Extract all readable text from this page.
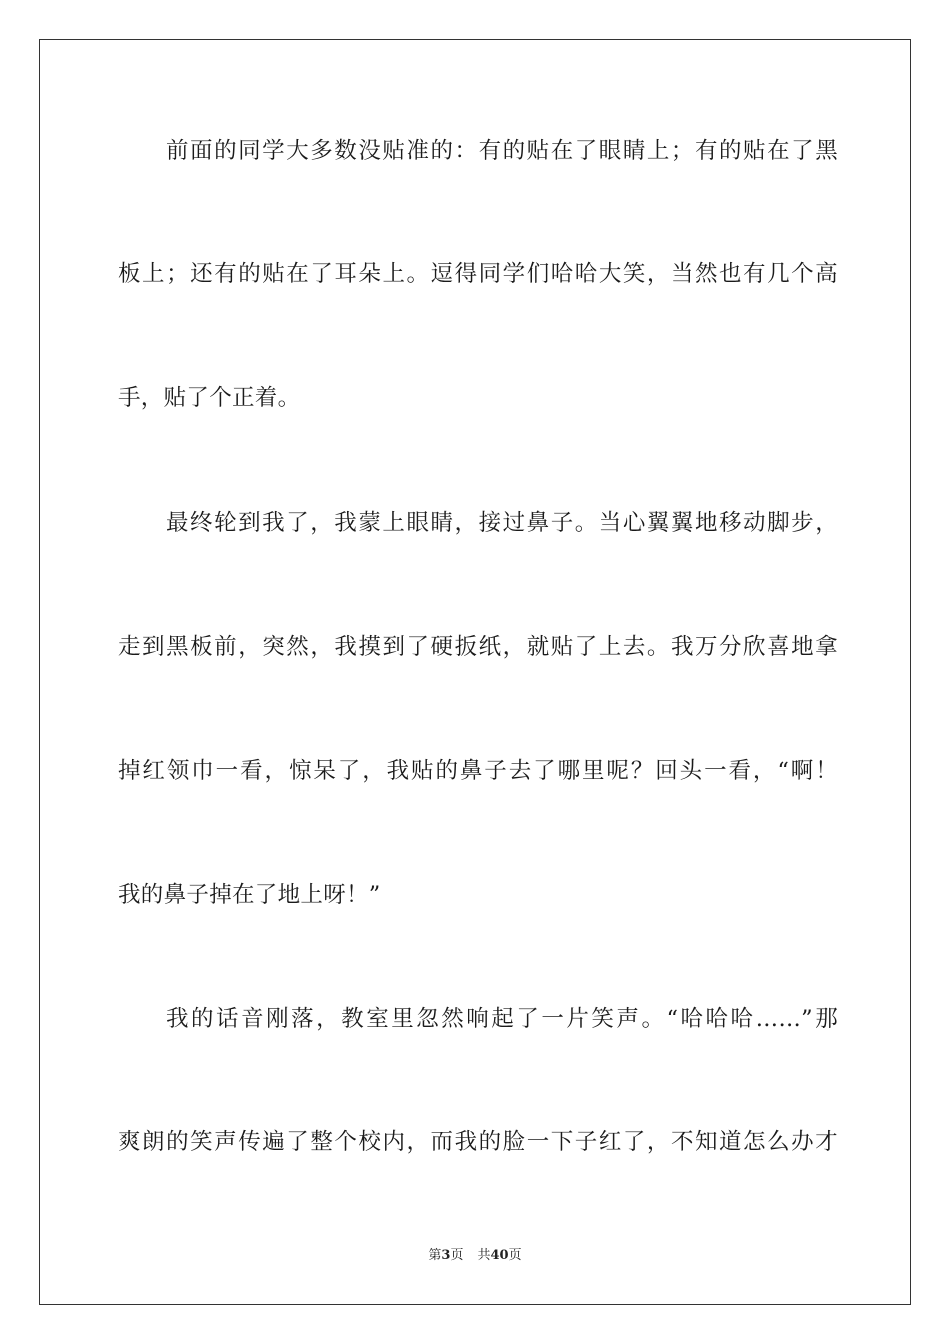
前面的同学大多数没贴准的：有的贴在了眼睛上；有的贴在了黑
板上；还有的贴在了耳朵上。逗得同学们哈哈大笑，当然也有几个高
手，贴了个正着。
最终轮到我了，我蒙上眼睛，接过鼻子。当心翼翼地移动脚步，
走到黑板前，突然，我摸到了硬扳纸，就贴了上去。我万分欣喜地拿
掉红领巾一看，惊呆了，我贴的鼻子去了哪里呢？回头一看，“啊！
我的鼻子掉在了地上呀！”
我的话音刚落，教室里忽然响起了一片笑声。“哈哈哈……”那
爽朗的笑声传遍了整个校内，而我的脸一下子红了，不知道怎么办才
第3页 共40页
